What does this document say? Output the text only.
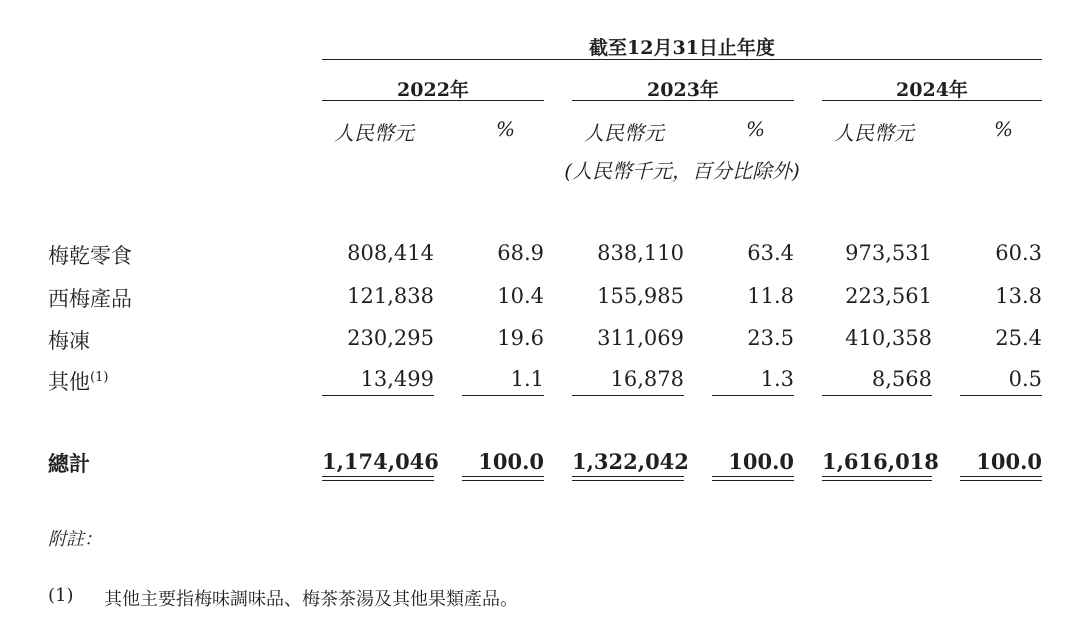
截至12月31日止年度
2022年	2023年	2024年
人民幣元	%	人民幣元	%	人民幣元	%
(人民幣千元，百分比除外)
梅乾零食	808,414	68.9	838,110	63.4	973,531	60.3
西梅產品	121,838	10.4	155,985	11.8	223,561	13.8
梅凍	230,295	19.6	311,069	23.5	410,358	25.4
其他$^{(1)}$	13,499	1.1	16,878	1.3	8,568	0.5
總計	1,174,046	100.0 1,322,042	100.0 1,616,018	100.0
附註：
(1) 其他主要指梅味調味品、梅茶茶湯及其他果類產品。
